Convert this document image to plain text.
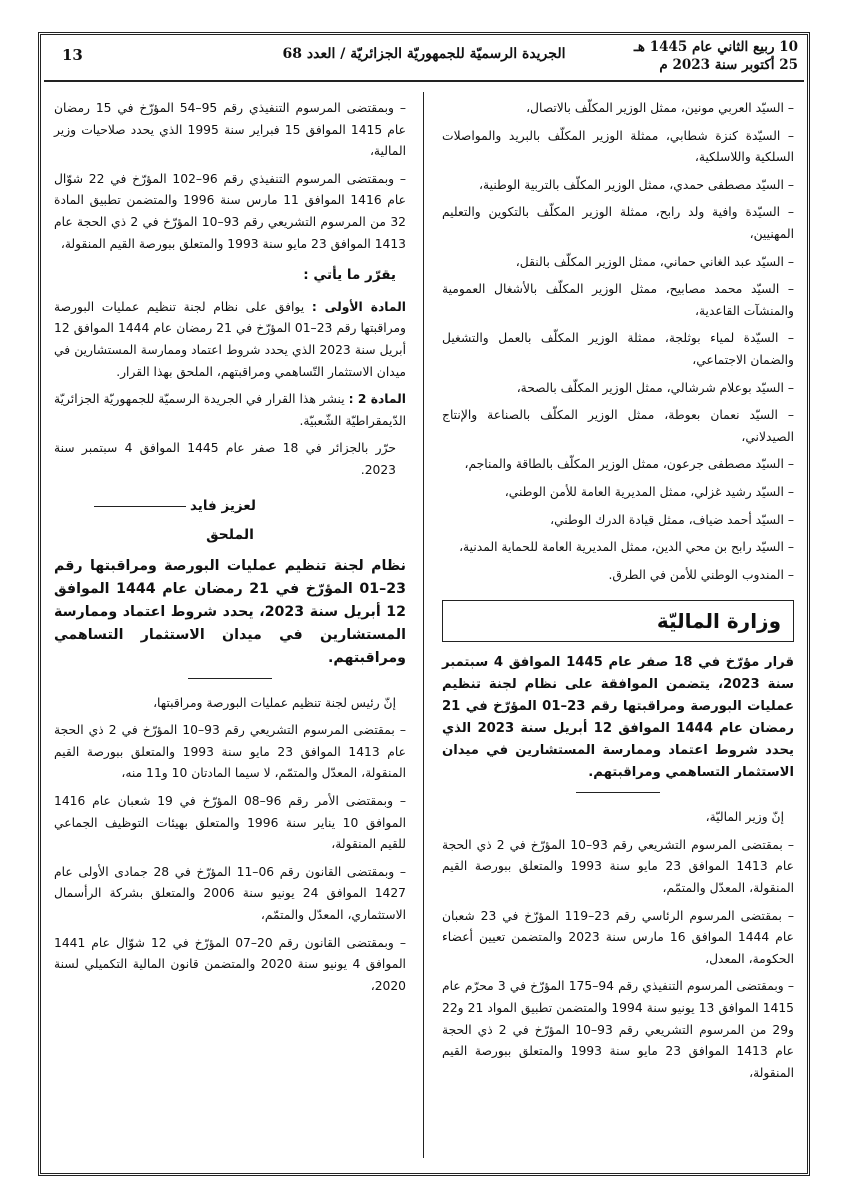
10 ربيع الثاني عام 1445 هـ
25 أكتوبر سنة 2023 م
الجريدة الرسميّة للجمهوريّة الجزائريّة / العدد 68
13

– السيّد العربي مونين، ممثل الوزير المكلّف بالاتصال،

– السيّدة كنزة شطابي، ممثلة الوزير المكلّف بالبريد والمواصلات السلكية واللاسلكية،

– السيّد مصطفى حمدي، ممثل الوزير المكلّف بالتربية الوطنية،

– السيّدة وافية ولد رابح، ممثلة الوزير المكلّف بالتكوين والتعليم المهنيين،

– السيّد عبد الغاني حماني، ممثل الوزير المكلّف بالنقل،

– السيّد محمد مصابيح، ممثل الوزير المكلّف بالأشغال العمومية والمنشآت القاعدية،

– السيّدة لمياء بوثلجة، ممثلة الوزير المكلّف بالعمل والتشغيل والضمان الاجتماعي،

– السيّد بوعلام شرشالي، ممثل الوزير المكلّف بالصحة،

– السيّد نعمان بعوطة، ممثل الوزير المكلّف بالصناعة والإنتاج الصيدلاني،

– السيّد مصطفى جرعون، ممثل الوزير المكلّف بالطاقة والمناجم،

– السيّد رشيد غزلي، ممثل المديرية العامة للأمن الوطني،

– السيّد أحمد ضياف، ممثل قيادة الدرك الوطني،

– السيّد رابح بن محي الدين، ممثل المديرية العامة للحماية المدنية،

– المندوب الوطني للأمن في الطرق.

وزارة الماليّة

قرار مؤرّخ في 18 صفر عام 1445 الموافق 4 سبتمبر سنة 2023، يتضمن الموافقة على نظام لجنة تنظيم عمليات البورصة ومراقبتها رقم 23–01 المؤرّخ في 21 رمضان عام 1444 الموافق 12 أبريل سنة 2023 الذي يحدد شروط اعتماد وممارسة المستشارين في ميدان الاستثمار التساهمي ومراقبتهم.

إنّ وزير الماليّة،

– بمقتضى المرسوم التشريعي رقم 93–10 المؤرّخ في 2 ذي الحجة عام 1413 الموافق 23 مايو سنة 1993 والمتعلق ببورصة القيم المنقولة، المعدّل والمتمّم،

– بمقتضى المرسوم الرئاسي رقم 23–119 المؤرّخ في 23 شعبان عام 1444 الموافق 16 مارس سنة 2023 والمتضمن تعيين أعضاء الحكومة، المعدل،

– وبمقتضى المرسوم التنفيذي رقم 94–175 المؤرّخ في 3 محرّم عام 1415 الموافق 13 يونيو سنة 1994 والمتضمن تطبيق المواد 21 و22 و29 من المرسوم التشريعي رقم 93–10 المؤرّخ في 2 ذي الحجة عام 1413 الموافق 23 مايو سنة 1993 والمتعلق ببورصة القيم المنقولة،

– وبمقتضى المرسوم التنفيذي رقم 95–54 المؤرّخ في 15 رمضان عام 1415 الموافق 15 فبراير سنة 1995 الذي يحدد صلاحيات وزير المالية،

– وبمقتضى المرسوم التنفيذي رقم 96–102 المؤرّخ في 22 شوّال عام 1416 الموافق 11 مارس سنة 1996 والمتضمن تطبيق المادة 32 من المرسوم التشريعي رقم 93–10 المؤرّخ في 2 ذي الحجة عام 1413 الموافق 23 مايو سنة 1993 والمتعلق ببورصة القيم المنقولة،

يقرّر ما يأتي :

المادة الأولى : يوافق على نظام لجنة تنظيم عمليات البورصة ومراقبتها رقم 23–01 المؤرّخ في 21 رمضان عام 1444 الموافق 12 أبريل سنة 2023 الذي يحدد شروط اعتماد وممارسة المستشارين في ميدان الاستثمار التّساهمي ومراقبتهم، الملحق بهذا القرار.

المادة 2 : ينشر هذا القرار في الجريدة الرسميّة للجمهوريّة الجزائريّة الدّيمقراطيّة الشّعبيّة.

حرّر بالجزائر في 18 صفر عام 1445 الموافق 4 سبتمبر سنة 2023.

لعزيز فايد

الملحق

نظام لجنة تنظيم عمليات البورصة ومراقبتها رقم 23–01 المؤرّخ في 21 رمضان عام 1444 الموافق 12 أبريل سنة 2023، يحدد شروط اعتماد وممارسة المستشارين في ميدان الاستثمار التساهمي ومراقبتهم.

إنّ رئيس لجنة تنظيم عمليات البورصة ومراقبتها،

– بمقتضى المرسوم التشريعي رقم 93–10 المؤرّخ في 2 ذي الحجة عام 1413 الموافق 23 مايو سنة 1993 والمتعلق ببورصة القيم المنقولة، المعدّل والمتمّم، لا سيما المادتان 10 و11 منه،

– وبمقتضى الأمر رقم 96–08 المؤرّخ في 19 شعبان عام 1416 الموافق 10 يناير سنة 1996 والمتعلق بهيئات التوظيف الجماعي للقيم المنقولة،

– وبمقتضى القانون رقم 06–11 المؤرّخ في 28 جمادى الأولى عام 1427 الموافق 24 يونيو سنة 2006 والمتعلق بشركة الرأسمال الاستثماري، المعدّل والمتمّم،

– وبمقتضى القانون رقم 20–07 المؤرّخ في 12 شوّال عام 1441 الموافق 4 يونيو سنة 2020 والمتضمن قانون المالية التكميلي لسنة 2020،
